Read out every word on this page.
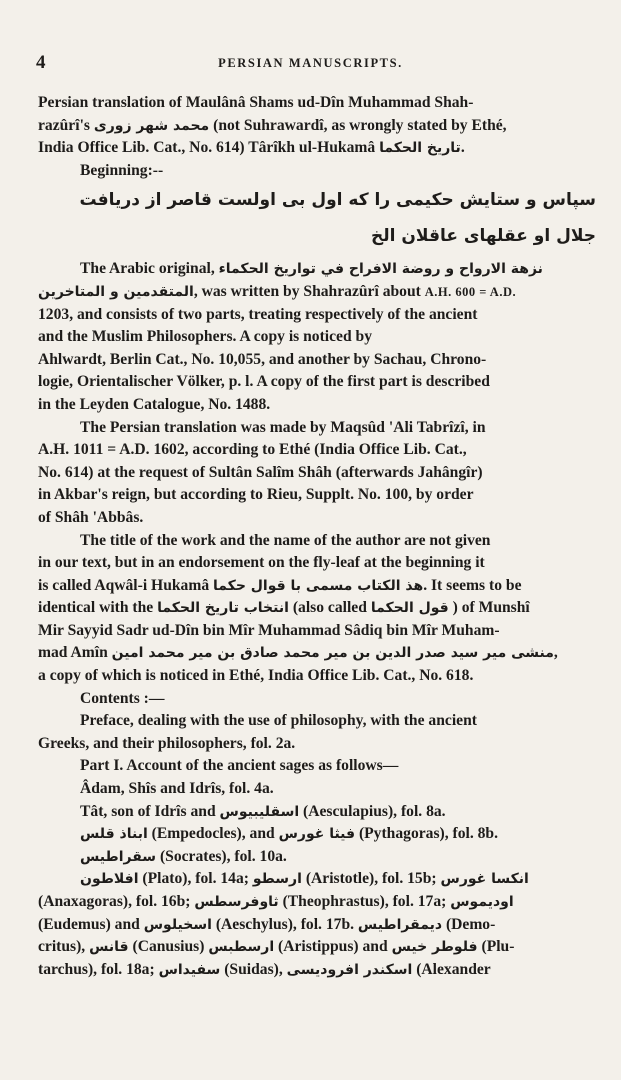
4	PERSIAN MANUSCRIPTS.
Persian translation of Maulânâ Shams ud-Dîn Muhammad Shah-
razûrî's محمد شهر زوری (not Suhrawardî, as wrongly stated by Ethé,
India Office Lib. Cat., No. 614) Târîkh ul-Hukamâ تاریخ الحکما.
Beginning:--
سپاس و ستایش حکیمی را که اول بی اولست قاصر از دریافت
جلال او عقلهای عاقلان الخ
The Arabic original, نزهة الارواح و روضة الافراح في تواريخ الحكماء
المتقدمين و المتاخرين, was written by Shahrazûrî about A.H. 600 = A.D.
1203, and consists of two parts, treating respectively of the ancient
and the Muslim Philosophers. A copy is noticed by
Ahlwardt, Berlin Cat., No. 10,055, and another by Sachau, Chrono-
logie, Orientalischer Völker, p. l. A copy of the first part is described
in the Leyden Catalogue, No. 1488.
The Persian translation was made by Maqsûd 'Ali Tabrîzî, in
A.H. 1011 = A.D. 1602, according to Ethé (India Office Lib. Cat.,
No. 614) at the request of Sultân Salîm Shâh (afterwards Jahângîr)
in Akbar's reign, but according to Rieu, Supplt. No. 100, by order
of Shâh 'Abbâs.
The title of the work and the name of the author are not given
in our text, but in an endorsement on the fly-leaf at the beginning it
is called Aqwâl-i Hukamâ هذ الكتاب مسمی با قوال حکما. It seems to be
identical with the انتخاب تاریخ الحکما (also called قول الحکما ) of Munshî
Mir Sayyid Sadr ud-Dîn bin Mîr Muhammad Sâdiq bin Mîr Muham-
mad Amîn منشی میر سید صدر الدین بن میر محمد صادق بن میر محمد امین,
a copy of which is noticed in Ethé, India Office Lib. Cat., No. 618.
Contents :—
Preface, dealing with the use of philosophy, with the ancient
Greeks, and their philosophers, fol. 2a.
Part I. Account of the ancient sages as follows—
Âdam, Shîs and Idrîs, fol. 4a.
Tât, son of Idrîs and اسقليبيوس (Aesculapius), fol. 8a.
ابناذ قلس (Empedocles), and فیثا غورس (Pythagoras), fol. 8b.
سقراطیس (Socrates), fol. 10a.
افلاطون (Plato), fol. 14a; ارسطو (Aristotle), fol. 15b; انکسا غورس
(Anaxagoras), fol. 16b; ثاوفرسطس (Theophrastus), fol. 17a; اودیموس
(Eudemus) and اسخیلوس (Aeschylus), fol. 17b. دیمقراطیس (Demo-
critus), قانس (Canusius) ارسطبس (Aristippus) and فلوطر خیس (Plu-
tarchus), fol. 18a; سفیداس (Suidas), اسکندر افرودیسی (Alexander
